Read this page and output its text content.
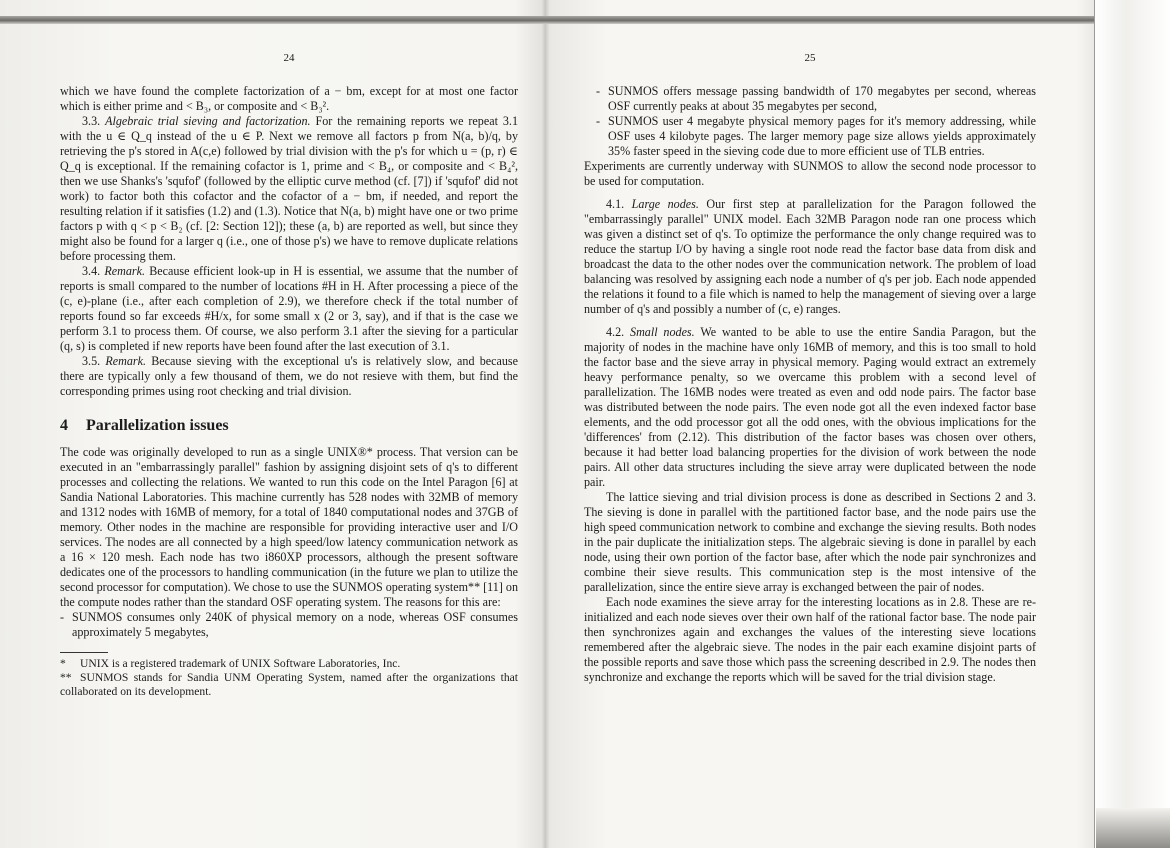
24

which we have found the complete factorization of a − bm, except for at most one factor which is either prime and < B₃, or composite and < B₃².

3.3. Algebraic trial sieving and factorization. For the remaining reports we repeat 3.1 with the u ∈ Q_q instead of the u ∈ P. Next we remove all factors p from N(a, b)/q, by retrieving the p's stored in A(c,e) followed by trial division with the p's for which u = (p, r) ∈ Q_q is exceptional. If the remaining cofactor is 1, prime and < B₄, or composite and < B₄², then we use Shanks's 'squfof' (followed by the elliptic curve method (cf. [7]) if 'squfof' did not work) to factor both this cofactor and the cofactor of a − bm, if needed, and report the resulting relation if it satisfies (1.2) and (1.3). Notice that N(a, b) might have one or two prime factors p with q < p < B₂ (cf. [2: Section 12]); these (a, b) are reported as well, but since they might also be found for a larger q (i.e., one of those p's) we have to remove duplicate relations before processing them.

3.4. Remark. Because efficient look-up in H is essential, we assume that the number of reports is small compared to the number of locations #H in H. After processing a piece of the (c, e)-plane (i.e., after each completion of 2.9), we therefore check if the total number of reports found so far exceeds #H/x, for some small x (2 or 3, say), and if that is the case we perform 3.1 to process them. Of course, we also perform 3.1 after the sieving for a particular (q, s) is completed if new reports have been found after the last execution of 3.1.

3.5. Remark. Because sieving with the exceptional u's is relatively slow, and because there are typically only a few thousand of them, we do not resieve with them, but find the corresponding primes using root checking and trial division.

4 Parallelization issues

The code was originally developed to run as a single UNIX®* process. That version can be executed in an "embarrassingly parallel" fashion by assigning disjoint sets of q's to different processes and collecting the relations. We wanted to run this code on the Intel Paragon [6] at Sandia National Laboratories. This machine currently has 528 nodes with 32MB of memory and 1312 nodes with 16MB of memory, for a total of 1840 computational nodes and 37GB of memory. Other nodes in the machine are responsible for providing interactive user and I/O services. The nodes are all connected by a high speed/low latency communication network as a 16 × 120 mesh. Each node has two i860XP processors, although the present software dedicates one of the processors to handling communication (in the future we plan to utilize the second processor for computation). We chose to use the SUNMOS operating system** [11] on the compute nodes rather than the standard OSF operating system. The reasons for this are:

- SUNMOS consumes only 240K of physical memory on a node, whereas OSF consumes approximately 5 megabytes,
* UNIX is a registered trademark of UNIX Software Laboratories, Inc.
** SUNMOS stands for Sandia UNM Operating System, named after the organizations that collaborated on its development.
25
- SUNMOS offers message passing bandwidth of 170 megabytes per second, whereas OSF currently peaks at about 35 megabytes per second,
- SUNMOS user 4 megabyte physical memory pages for it's memory addressing, while OSF uses 4 kilobyte pages. The larger memory page size allows yields approximately 35% faster speed in the sieving code due to more efficient use of TLB entries.

Experiments are currently underway with SUNMOS to allow the second node processor to be used for computation.

4.1. Large nodes. Our first step at parallelization for the Paragon followed the "embarrassingly parallel" UNIX model. Each 32MB Paragon node ran one process which was given a distinct set of q's. To optimize the performance the only change required was to reduce the startup I/O by having a single root node read the factor base data from disk and broadcast the data to the other nodes over the communication network. The problem of load balancing was resolved by assigning each node a number of q's per job. Each node appended the relations it found to a file which is named to help the management of sieving over a large number of q's and possibly a number of (c, e) ranges.

4.2. Small nodes. We wanted to be able to use the entire Sandia Paragon, but the majority of nodes in the machine have only 16MB of memory, and this is too small to hold the factor base and the sieve array in physical memory. Paging would extract an extremely heavy performance penalty, so we overcame this problem with a second level of parallelization. The 16MB nodes were treated as even and odd node pairs. The factor base was distributed between the node pairs. The even node got all the even indexed factor base elements, and the odd processor got all the odd ones, with the obvious implications for the 'differences' from (2.12). This distribution of the factor bases was chosen over others, because it had better load balancing properties for the division of work between the node pairs. All other data structures including the sieve array were duplicated between the node pair.

The lattice sieving and trial division process is done as described in Sections 2 and 3. The sieving is done in parallel with the partitioned factor base, and the node pairs use the high speed communication network to combine and exchange the sieving results. Both nodes in the pair duplicate the initialization steps. The algebraic sieving is done in parallel by each node, using their own portion of the factor base, after which the node pair synchronizes and combine their sieve results. This communication step is the most intensive of the parallelization, since the entire sieve array is exchanged between the pair of nodes.

Each node examines the sieve array for the interesting locations as in 2.8. These are re-initialized and each node sieves over their own half of the rational factor base. The node pair then synchronizes again and exchanges the values of the interesting sieve locations remembered after the algebraic sieve. The nodes in the pair each examine disjoint parts of the possible reports and save those which pass the screening described in 2.9. The nodes then synchronize and exchange the reports which will be saved for the trial division stage.
